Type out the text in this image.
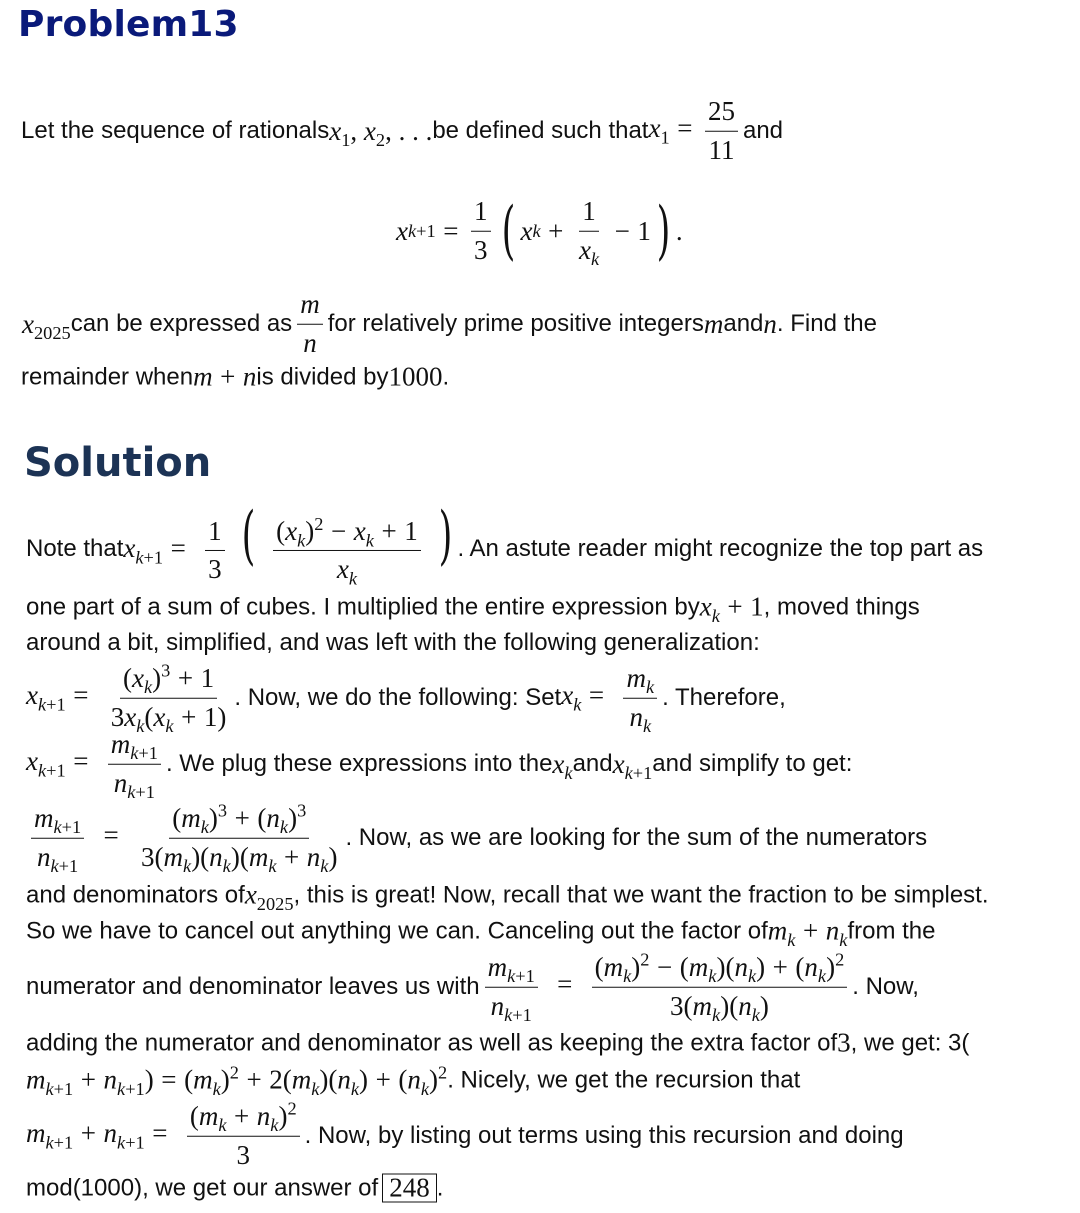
Problem13
Let the sequence of rationals $x_1$, $x_2$, . . . be defined such that $x_1 = \frac{25}{11}$ and
x $k+1 = \frac{1}{3}$ ( x $k + \frac{1}{x_k} - 1$ ) .
$x_{2025}$ can be expressed as $\frac{m}{n}$ for relatively prime positive integers m and n . Find the
remainder when m + n is divided by 1000 .
Solution
Note that $x_{k+1} = \frac{1}{3}$ ( $\frac{(x_k)^2 - x_k + 1}{x_k}$ ) . An astute reader might recognize the top part as
one part of a sum of cubes. I multiplied the entire expression by $x_k + 1$ , moved things
around a bit, simplified, and was left with the following generalization:
$x_{k+1} = \frac{(x_k)^3 + 1}{3x_k(x_k + 1)}$ . Now, we do the following: Set $x_k = \frac{m_k}{n_k}$ . Therefore,
$x_{k+1} = \frac{m_{k+1}}{n_{k+1}}$ . We plug these expressions into the $x_k$ and $x_{k+1}$ and simplify to get:
$\frac{m_{k+1}}{n_{k+1}} = \frac{(m_k)^3 + (n_k)^3}{3(m_k)(n_k)(m_k + n_k)}$ . Now, as we are looking for the sum of the numerators
and denominators of $x_{2025}$ , this is great! Now, recall that we want the fraction to be simplest.
So we have to cancel out anything we can. Canceling out the factor of $m_k + n_k$ from the
numerator and denominator leaves us with $\frac{m_{k+1}}{n_{k+1}} = \frac{(m_k)^2 - (m_k)(n_k) + (n_k)^2}{3(m_k)(n_k)}$ . Now,
adding the numerator and denominator as well as keeping the extra factor of 3 , we get: 3(
$m_{k+1} + n_{k+1}) = (m_k)^2 + 2(m_k)(n_k) + (n_k)^2$ . Nicely, we get the recursion that
$m_{k+1} + n_{k+1} = \frac{(m_k + n_k)^2}{3}$ . Now, by listing out terms using this recursion and doing
mod(1000), we get our answer of 248 .
